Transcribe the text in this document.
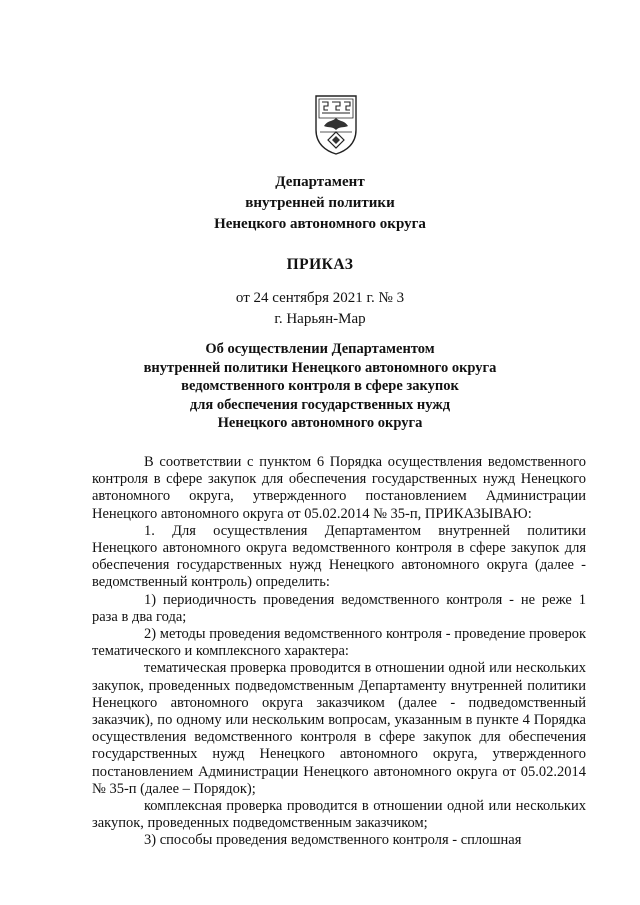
Департамент
внутренней политики
Ненецкого автономного округа
ПРИКАЗ
от 24 сентября 2021 г. № 3
г. Нарьян-Мар
Об осуществлении Департаментом
внутренней политики Ненецкого автономного округа
ведомственного контроля в сфере закупок
для обеспечения государственных нужд
Ненецкого автономного округа

В соответствии с пунктом 6 Порядка осуществления ведомственного контроля в сфере закупок для обеспечения государственных нужд Ненецкого автономного округа, утвержденного постановлением Администрации Ненецкого автономного округа от 05.02.2014 № 35-п, ПРИКАЗЫВАЮ:

1. Для осуществления Департаментом внутренней политики Ненецкого автономного округа ведомственного контроля в сфере закупок для обеспечения государственных нужд Ненецкого автономного округа (далее - ведомственный контроль) определить:

1) периодичность проведения ведомственного контроля - не реже 1 раза в два года;

2) методы проведения ведомственного контроля - проведение проверок тематического и комплексного характера:

тематическая проверка проводится в отношении одной или нескольких закупок, проведенных подведомственным Департаменту внутренней политики Ненецкого автономного округа заказчиком (далее - подведомственный заказчик), по одному или нескольким вопросам, указанным в пункте 4 Порядка осуществления ведомственного контроля в сфере закупок для обеспечения государственных нужд Ненецкого автономного округа, утвержденного постановлением Администрации Ненецкого автономного округа от 05.02.2014 № 35-п (далее – Порядок);

комплексная проверка проводится в отношении одной или нескольких закупок, проведенных подведомственным заказчиком;

3) способы проведения ведомственного контроля - сплошная
